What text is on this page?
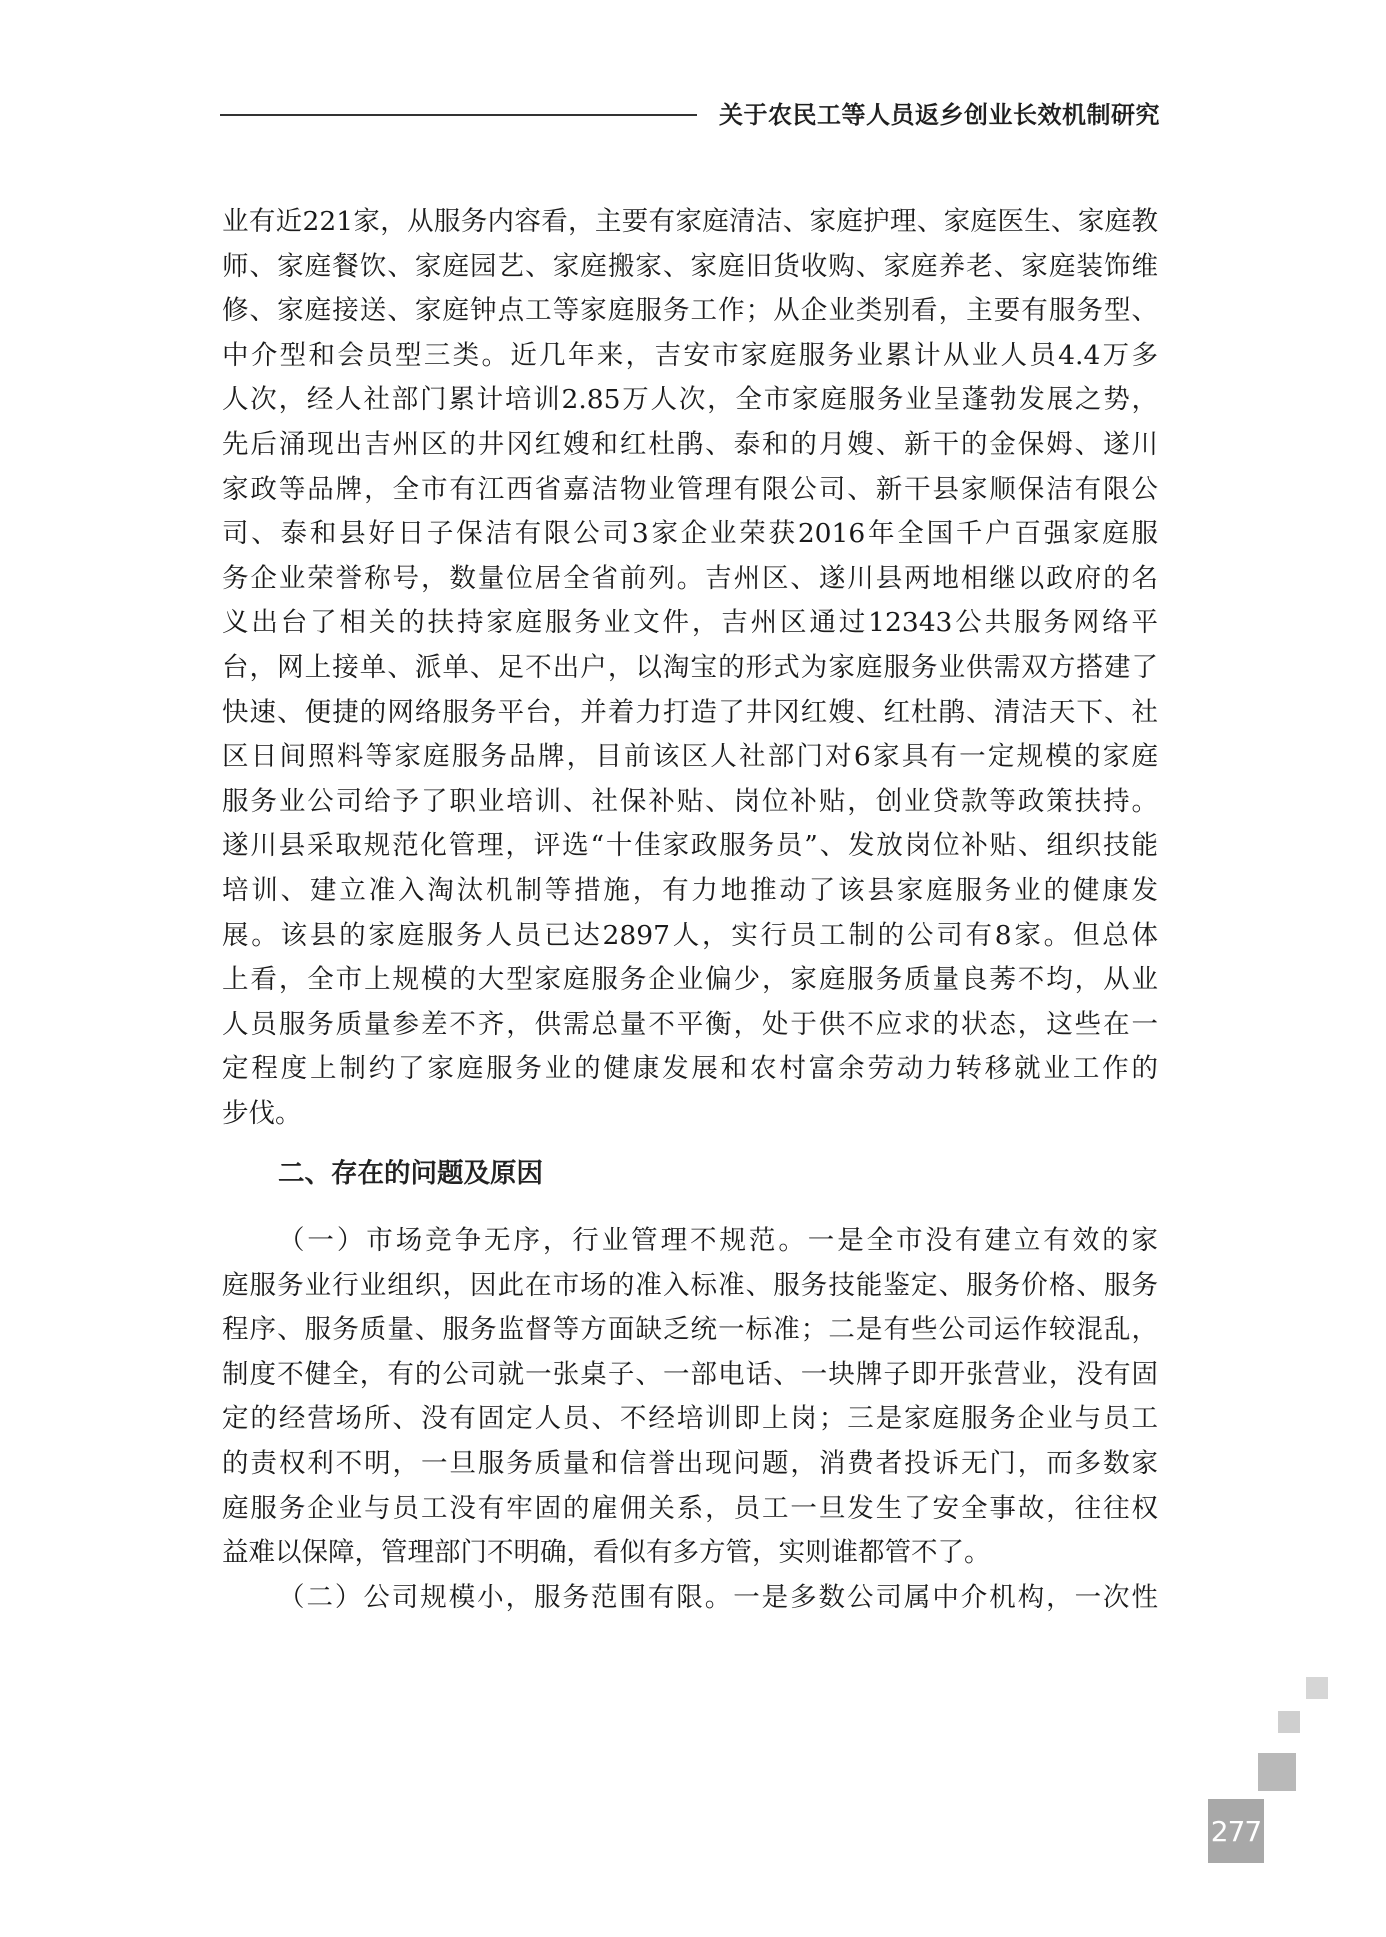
关于农民工等人员返乡创业长效机制研究
业有近221家，从服务内容看，主要有家庭清洁、家庭护理、家庭医生、家庭教
师、家庭餐饮、家庭园艺、家庭搬家、家庭旧货收购、家庭养老、家庭装饰维
修、家庭接送、家庭钟点工等家庭服务工作；从企业类别看，主要有服务型、
中介型和会员型三类。近几年来，吉安市家庭服务业累计从业人员4.4万多
人次，经人社部门累计培训2.85万人次，全市家庭服务业呈蓬勃发展之势，
先后涌现出吉州区的井冈红嫂和红杜鹃、泰和的月嫂、新干的金保姆、遂川
家政等品牌，全市有江西省嘉洁物业管理有限公司、新干县家顺保洁有限公
司、泰和县好日子保洁有限公司3家企业荣获2016年全国千户百强家庭服
务企业荣誉称号，数量位居全省前列。吉州区、遂川县两地相继以政府的名
义出台了相关的扶持家庭服务业文件，吉州区通过12343公共服务网络平
台，网上接单、派单、足不出户，以淘宝的形式为家庭服务业供需双方搭建了
快速、便捷的网络服务平台，并着力打造了井冈红嫂、红杜鹃、清洁天下、社
区日间照料等家庭服务品牌，目前该区人社部门对6家具有一定规模的家庭
服务业公司给予了职业培训、社保补贴、岗位补贴，创业贷款等政策扶持。
遂川县采取规范化管理，评选“十佳家政服务员”、发放岗位补贴、组织技能
培训、建立准入淘汰机制等措施，有力地推动了该县家庭服务业的健康发
展。该县的家庭服务人员已达2897人，实行员工制的公司有8家。但总体
上看，全市上规模的大型家庭服务企业偏少，家庭服务质量良莠不均，从业
人员服务质量参差不齐，供需总量不平衡，处于供不应求的状态，这些在一
定程度上制约了家庭服务业的健康发展和农村富余劳动力转移就业工作的
步伐。
二、存在的问题及原因
（一）市场竞争无序，行业管理不规范。一是全市没有建立有效的家
庭服务业行业组织，因此在市场的准入标准、服务技能鉴定、服务价格、服务
程序、服务质量、服务监督等方面缺乏统一标准；二是有些公司运作较混乱，
制度不健全，有的公司就一张桌子、一部电话、一块牌子即开张营业，没有固
定的经营场所、没有固定人员、不经培训即上岗；三是家庭服务企业与员工
的责权利不明，一旦服务质量和信誉出现问题，消费者投诉无门，而多数家
庭服务企业与员工没有牢固的雇佣关系，员工一旦发生了安全事故，往往权
益难以保障，管理部门不明确，看似有多方管，实则谁都管不了。
（二）公司规模小，服务范围有限。一是多数公司属中介机构，一次性
277
